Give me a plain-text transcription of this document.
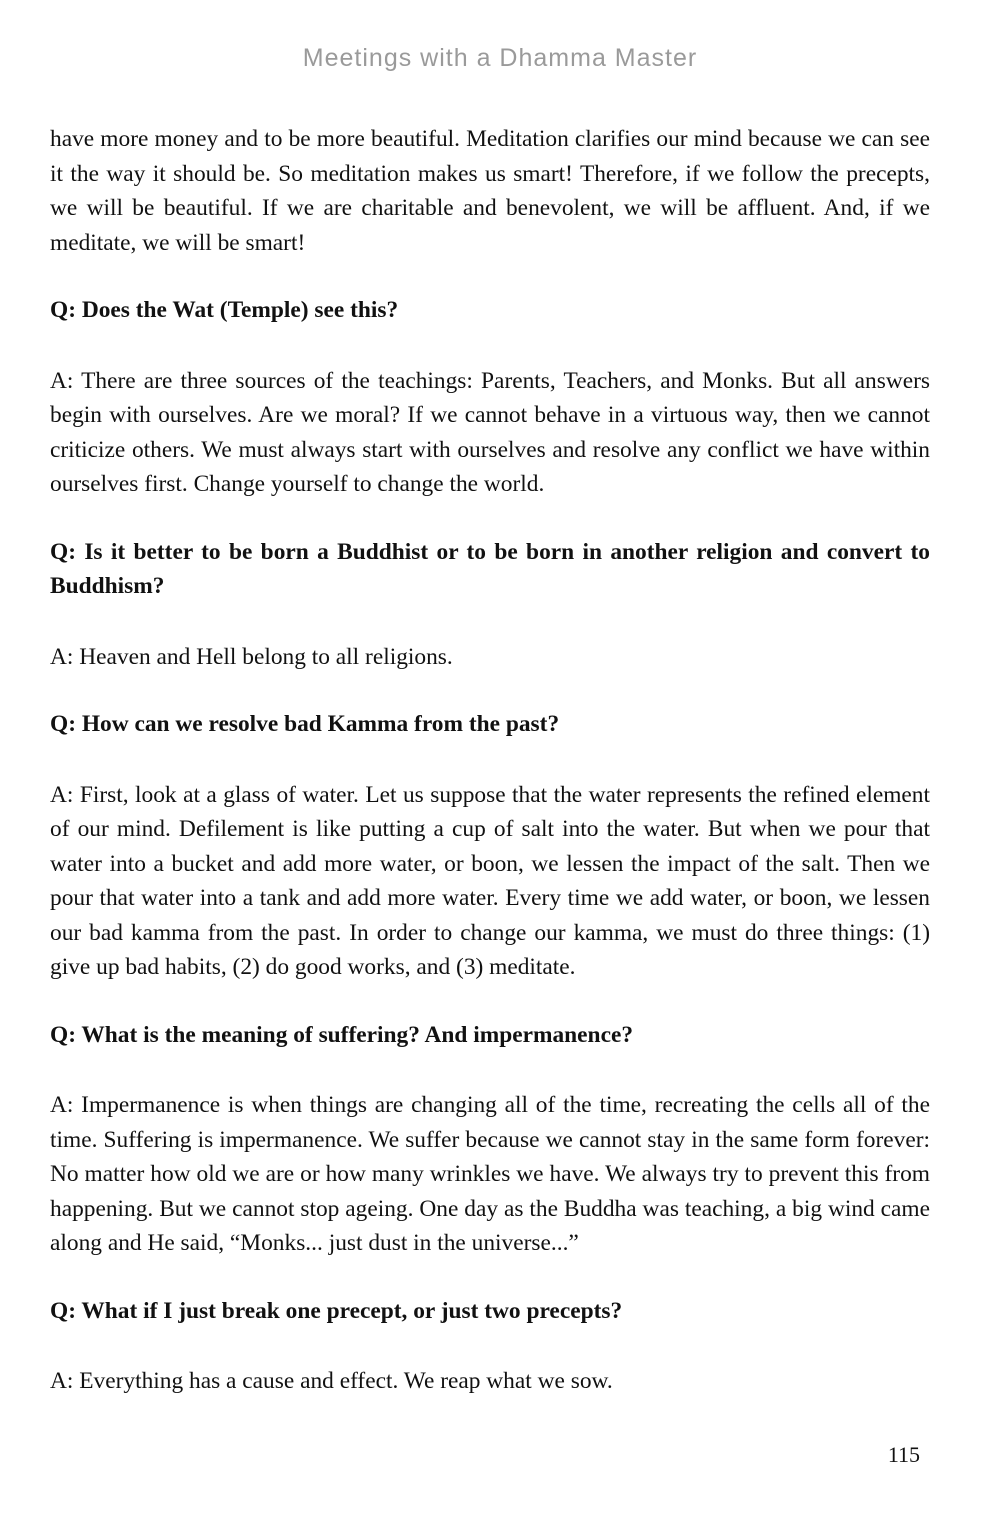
Meetings with a Dhamma Master

have more money and to be more beautiful. Meditation clarifies our mind because we can see it the way it should be. So meditation makes us smart! Therefore, if we follow the precepts, we will be beautiful. If we are charitable and benevolent, we will be affluent. And, if we meditate, we will be smart!

Q: Does the Wat (Temple) see this?

A: There are three sources of the teachings: Parents, Teachers, and Monks. But all answers begin with ourselves. Are we moral? If we cannot behave in a virtuous way, then we cannot criticize others. We must always start with ourselves and resolve any conflict we have within ourselves first. Change yourself to change the world.

Q: Is it better to be born a Buddhist or to be born in another religion and convert to Buddhism?

A: Heaven and Hell belong to all religions.

Q: How can we resolve bad Kamma from the past?

A: First, look at a glass of water. Let us suppose that the water represents the refined element of our mind. Defilement is like putting a cup of salt into the water. But when we pour that water into a bucket and add more water, or boon, we lessen the impact of the salt. Then we pour that water into a tank and add more water. Every time we add water, or boon, we lessen our bad kamma from the past. In order to change our kamma, we must do three things: (1) give up bad habits, (2) do good works, and (3) meditate.

Q: What is the meaning of suffering? And impermanence?

A: Impermanence is when things are changing all of the time, recreating the cells all of the time. Suffering is impermanence. We suffer because we cannot stay in the same form forever: No matter how old we are or how many wrinkles we have. We always try to prevent this from happening. But we cannot stop ageing. One day as the Buddha was teaching, a big wind came along and He said, “Monks... just dust in the universe...”

Q: What if I just break one precept, or just two precepts?

A: Everything has a cause and effect. We reap what we sow.

115
